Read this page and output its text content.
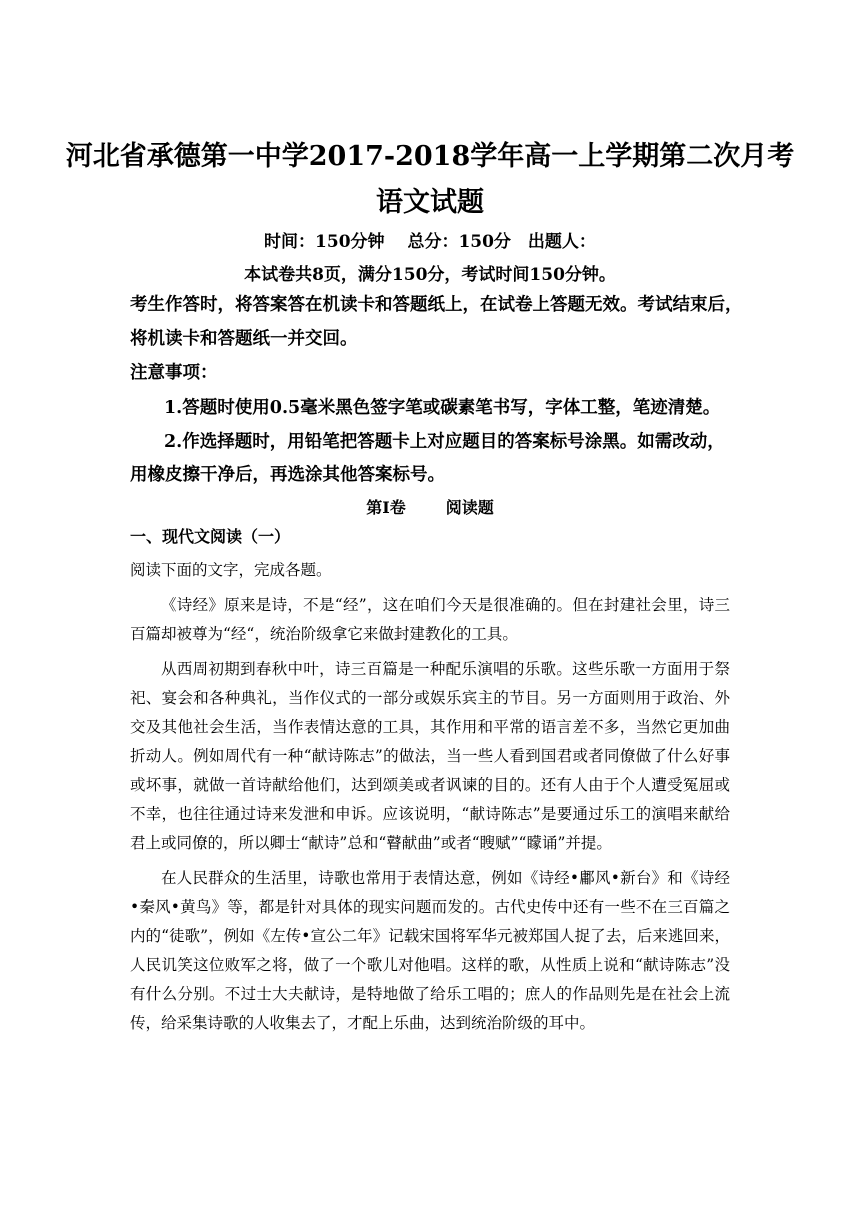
河北省承德第一中学2017-2018学年高一上学期第二次月考
语文试题
时间：150分钟　 总分：150分　出题人：
本试卷共8页，满分150分，考试时间150分钟。
考生作答时，将答案答在机读卡和答题纸上，在试卷上答题无效。考试结束后，
将机读卡和答题纸一并交回。
注意事项：
1.答题时使用0.5毫米黑色签字笔或碳素笔书写，字体工整，笔迹清楚。
2.作选择题时，用铅笔把答题卡上对应题目的答案标号涂黑。如需改动，
用橡皮擦干净后，再选涂其他答案标号。
第Ⅰ卷	阅读题
一、现代文阅读（一）

阅读下面的文字，完成各题。

《诗经》原来是诗，不是“经”，这在咱们今天是很准确的。但在封建社会里，诗三百篇却被尊为“经“，统治阶级拿它来做封建教化的工具。

从西周初期到春秋中叶，诗三百篇是一种配乐演唱的乐歌。这些乐歌一方面用于祭祀、宴会和各种典礼，当作仪式的一部分或娱乐宾主的节目。另一方面则用于政治、外交及其他社会生活，当作表情达意的工具，其作用和平常的语言差不多，当然它更加曲折动人。例如周代有一种“献诗陈志”的做法，当一些人看到国君或者同僚做了什么好事或坏事，就做一首诗献给他们，达到颂美或者讽谏的目的。还有人由于个人遭受冤屈或不幸，也往往通过诗来发泄和申诉。应该说明，“献诗陈志”是要通过乐工的演唱来献给君上或同僚的，所以卿士“献诗”总和“瞽献曲”或者“瞍赋”“矇诵”并提。

在人民群众的生活里，诗歌也常用于表情达意，例如《诗经•鄘风•新台》和《诗经•秦风•黄鸟》等，都是针对具体的现实问题而发的。古代史传中还有一些不在三百篇之内的“徒歌”，例如《左传•宣公二年》记载宋国将军华元被郑国人捉了去，后来逃回来，人民讥笑这位败军之将，做了一个歌儿对他唱。这样的歌，从性质上说和“献诗陈志”没有什么分别。不过士大夫献诗，是特地做了给乐工唱的；庶人的作品则先是在社会上流传，给采集诗歌的人收集去了，才配上乐曲，达到统治阶级的耳中。
